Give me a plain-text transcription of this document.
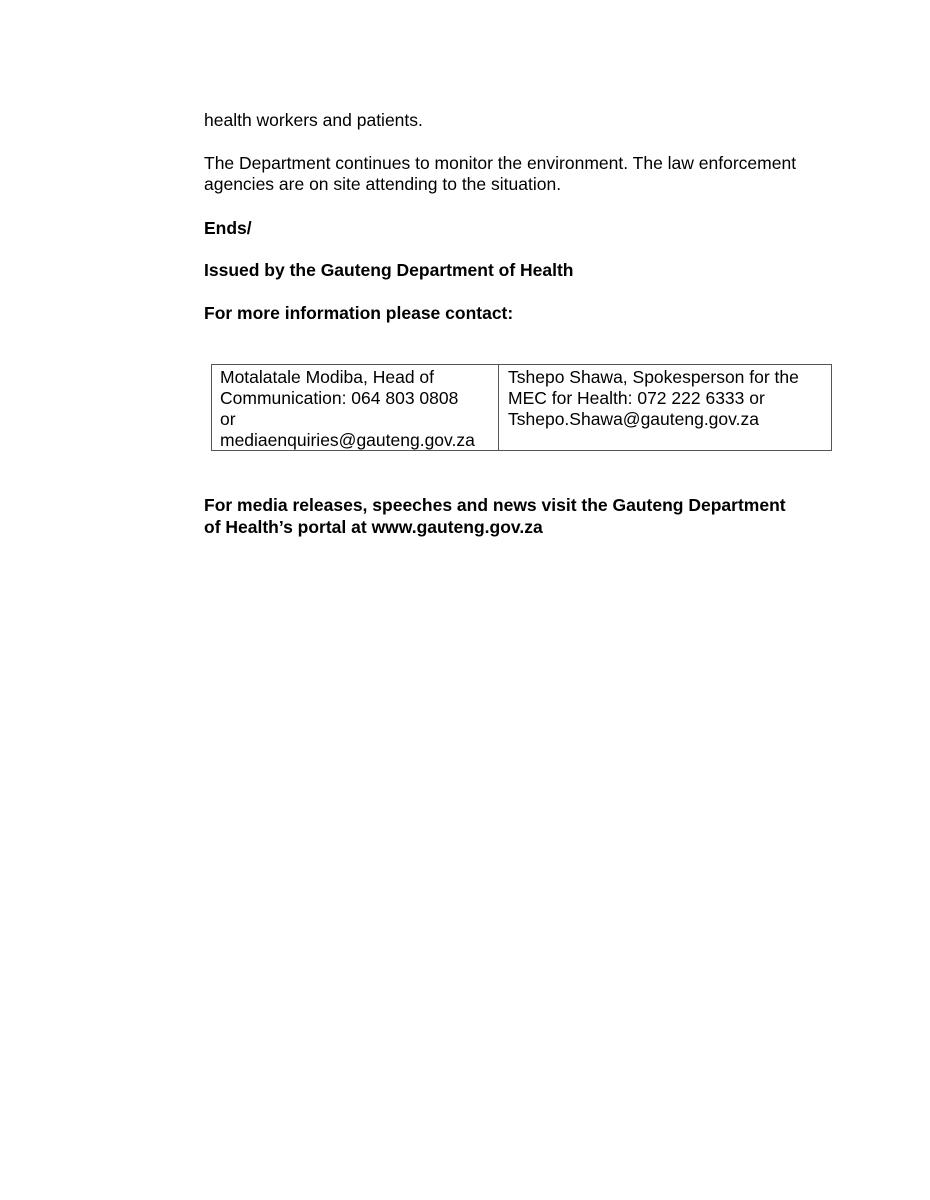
health workers and patients.

The Department continues to monitor the environment. The law enforcement

agencies are on site attending to the situation.

Ends/

Issued by the Gauteng Department of Health

For more information please contact:

Motalatale Modiba, Head of
Communication: 064 803 0808
or
mediaenquiries@gauteng.gov.za
Tshepo Shawa, Spokesperson for the
MEC for Health: 072 222 6333 or
Tshepo.Shawa@gauteng.gov.za

For media releases, speeches and news visit the Gauteng Department

of Health’s portal at www.gauteng.gov.za
